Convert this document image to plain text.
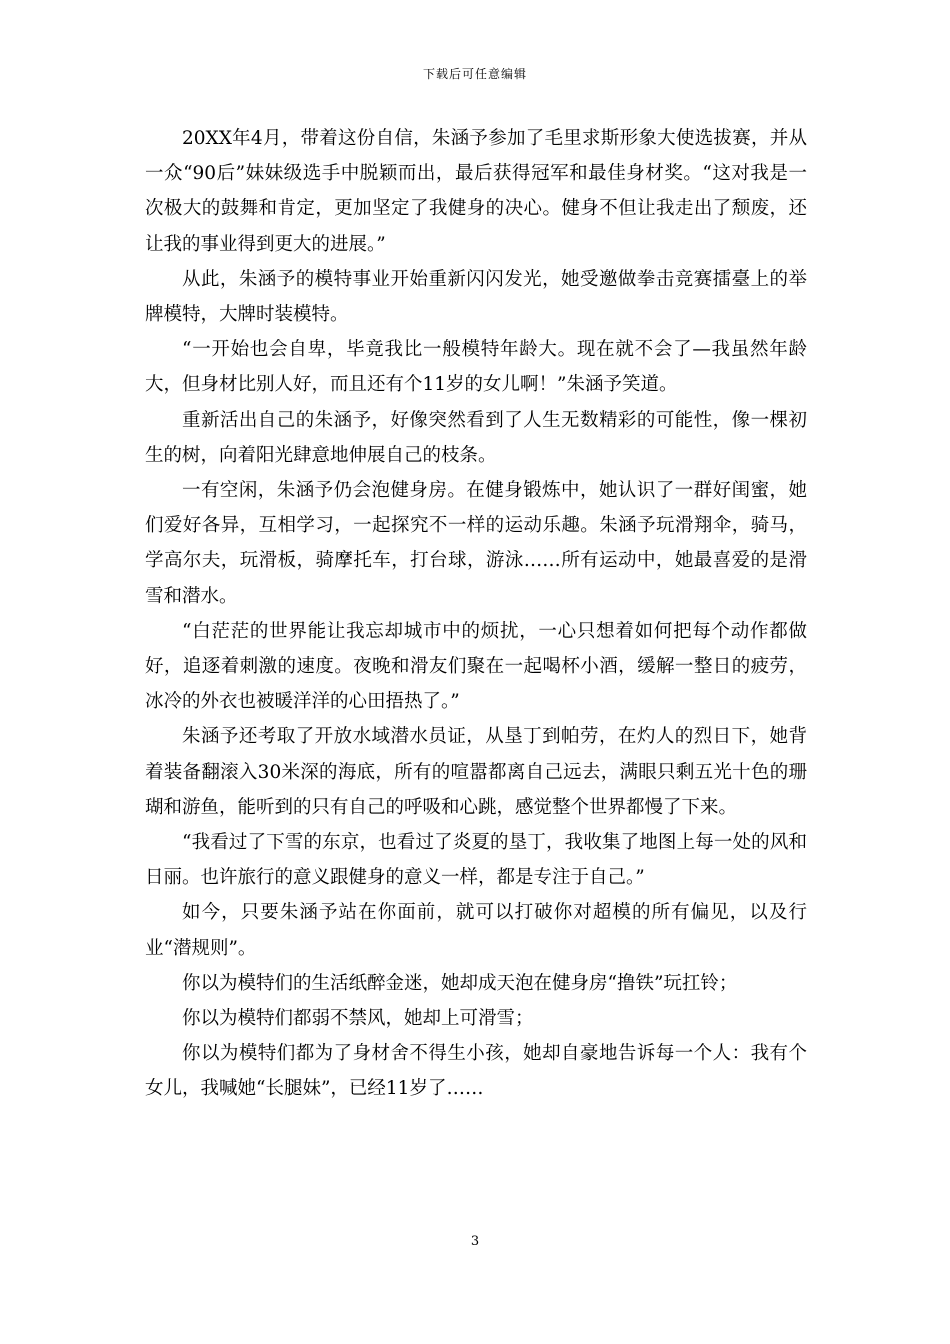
下载后可任意编辑

20XX年4月，带着这份自信，朱涵予参加了毛里求斯形象大使选拔赛，并从一众“90后”妹妹级选手中脱颖而出，最后获得冠军和最佳身材奖。“这对我是一次极大的鼓舞和肯定，更加坚定了我健身的决心。健身不但让我走出了颓废，还让我的事业得到更大的进展。”

从此，朱涵予的模特事业开始重新闪闪发光，她受邀做拳击竞赛擂臺上的举牌模特，大牌时装模特。

“一开始也会自卑，毕竟我比一般模特年龄大。现在就不会了—我虽然年龄大，但身材比别人好，而且还有个11岁的女儿啊！”朱涵予笑道。

重新活出自己的朱涵予，好像突然看到了人生无数精彩的可能性，像一棵初生的树，向着阳光肆意地伸展自己的枝条。

一有空闲，朱涵予仍会泡健身房。在健身锻炼中，她认识了一群好闺蜜，她们爱好各异，互相学习，一起探究不一样的运动乐趣。朱涵予玩滑翔伞，骑马，学高尔夫，玩滑板，骑摩托车，打台球，游泳……所有运动中，她最喜爱的是滑雪和潜水。

“白茫茫的世界能让我忘却城市中的烦扰，一心只想着如何把每个动作都做好，追逐着刺激的速度。夜晚和滑友们聚在一起喝杯小酒，缓解一整日的疲劳，冰冷的外衣也被暖洋洋的心田捂热了。”

朱涵予还考取了开放水域潜水员证，从垦丁到帕劳，在灼人的烈日下，她背着装备翻滚入30米深的海底，所有的喧嚣都离自己远去，满眼只剩五光十色的珊瑚和游鱼，能听到的只有自己的呼吸和心跳，感觉整个世界都慢了下来。

“我看过了下雪的东京，也看过了炎夏的垦丁，我收集了地图上每一处的风和日丽。也许旅行的意义跟健身的意义一样，都是专注于自己。”

如今，只要朱涵予站在你面前，就可以打破你对超模的所有偏见，以及行业“潜规则”。

你以为模特们的生活纸醉金迷，她却成天泡在健身房“撸铁”玩扛铃；

你以为模特们都弱不禁风，她却上可滑雪；

你以为模特们都为了身材舍不得生小孩，她却自豪地告诉每一个人：我有个女儿，我喊她“长腿妹”，已经11岁了……

3
